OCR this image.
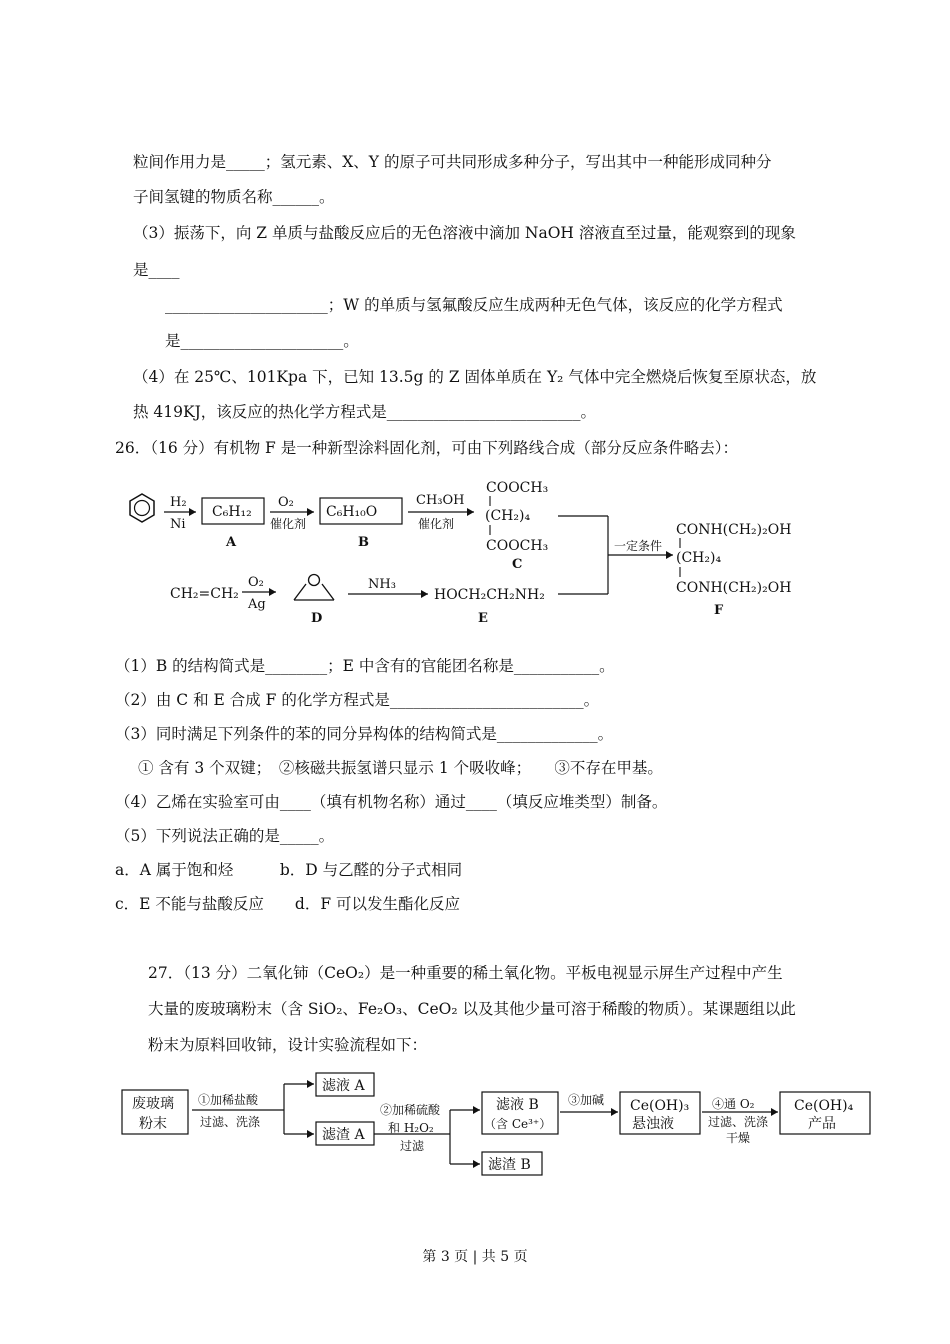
粒间作用力是_____；氢元素、X、Y 的原子可共同形成多种分子，写出其中一种能形成同种分
子间氢键的物质名称______。
（3）振荡下，向 Z 单质与盐酸反应后的无色溶液中滴加 NaOH 溶液直至过量，能观察到的现象
是____
_____________________；W 的单质与氢氟酸反应生成两种无色气体，该反应的化学方程式
是_____________________。
（4）在 25℃、101Kpa 下，已知 13.5g 的 Z 固体单质在 Y₂ 气体中完全燃烧后恢复至原状态，放
热 419KJ，该反应的热化学方程式是_________________________。
26．（16 分）有机物 F 是一种新型涂料固化剂，可由下列路线合成（部分反应条件略去）：
H₂
Ni
C₆H₁₂
A
O₂
催化剂
C₆H₁₀O
B
CH₃OH
催化剂
COOCH₃
(CH₂)₄
COOCH₃
C
CH₂=CH₂
O₂
Ag
D
NH₃
HOCH₂CH₂NH₂
E
一定条件
CONH(CH₂)₂OH
(CH₂)₄
CONH(CH₂)₂OH
F
（1）B 的结构简式是________；E 中含有的官能团名称是___________。
（2）由 C 和 E 合成 F 的化学方程式是_________________________。
（3）同时满足下列条件的苯的同分异构体的结构简式是_____________。
① 含有 3 个双键；　②核磁共振氢谱只显示 1 个吸收峰；　　③不存在甲基。
（4）乙烯在实验室可由____（填有机物名称）通过____（填反应堆类型）制备。
（5）下列说法正确的是_____。
a．A 属于饱和烃　　　b．D 与乙醛的分子式相同
c．E 不能与盐酸反应　　d．F 可以发生酯化反应
27．（13 分）二氧化铈（CeO₂）是一种重要的稀土氧化物。平板电视显示屏生产过程中产生
大量的废玻璃粉末（含 SiO₂、Fe₂O₃、CeO₂ 以及其他少量可溶于稀酸的物质）。某课题组以此
粉末为原料回收铈，设计实验流程如下：
废玻璃
粉末
①加稀盐酸
过滤、洗涤
滤液 A
滤渣 A
②加稀硫酸
和 H₂O₂
过滤
滤液 B
（含 Ce³⁺）
滤渣 B
③加碱 Ce(OH)₃
悬浊液
④通 O₂
过滤、洗涤
干燥
Ce(OH)₄
产品
第 3 页 | 共 5 页
